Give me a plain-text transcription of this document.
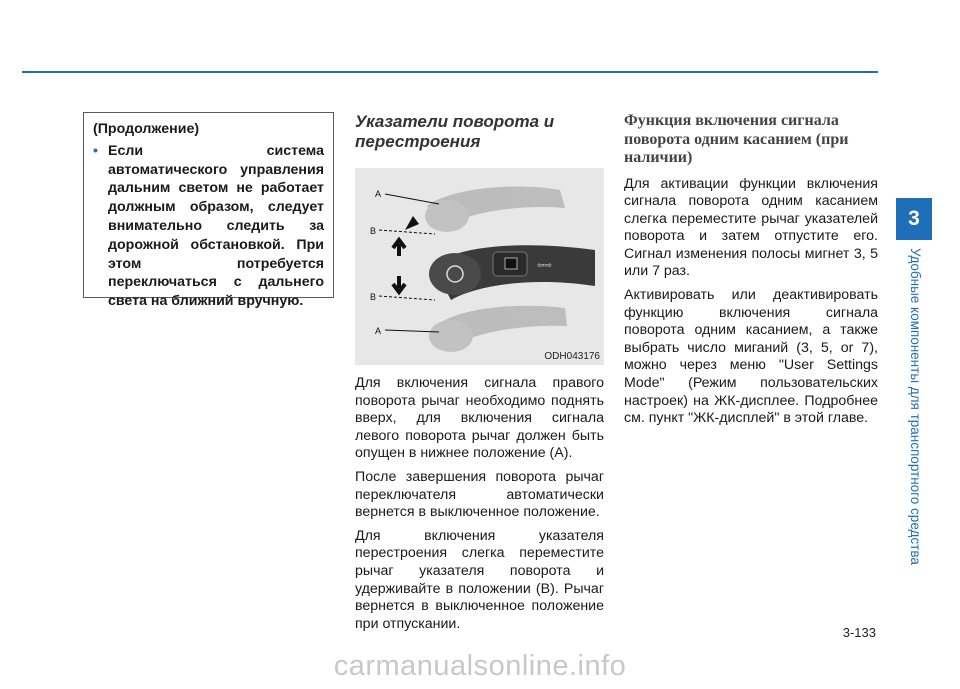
(Продолжение)
• Если система автоматического управления дальним светом не работает должным образом, следует внимательно следить за дорожной обстановкой. При этом потребуется переключаться с дальнего света на ближний вручную.
Указатели поворота и перестроения
⇦⇨
A
B
B
A
ODH043176

Для включения сигнала правого поворота рычаг необходимо поднять вверх, для включения сигнала левого поворота рычаг должен быть опущен в нижнее положение (А).

После завершения поворота рычаг переключателя автоматически вернется в выключенное положение.

Для включения указателя перестроения слегка переместите рычаг указателя поворота и удерживайте в положении (B). Рычаг вернется в выключенное положение при отпускании.

Функция включения сигнала поворота одним касанием (при наличии)

Для активации функции включения сигнала поворота одним касанием слегка переместите рычаг указателей поворота и затем отпустите его. Сигнал изменения полосы мигнет 3, 5 или 7 раз.

Активировать или деактивировать функцию включения сигнала поворота одним касанием, а также выбрать число миганий (3, 5, or 7), можно через меню "User Settings Mode" (Режим пользовательских настроек) на ЖК-дисплее. Подробнее см. пункт "ЖК-дисплей" в этой главе.

3
Удобные компоненты для транспортного средства
3-133
carmanualsonline.info
